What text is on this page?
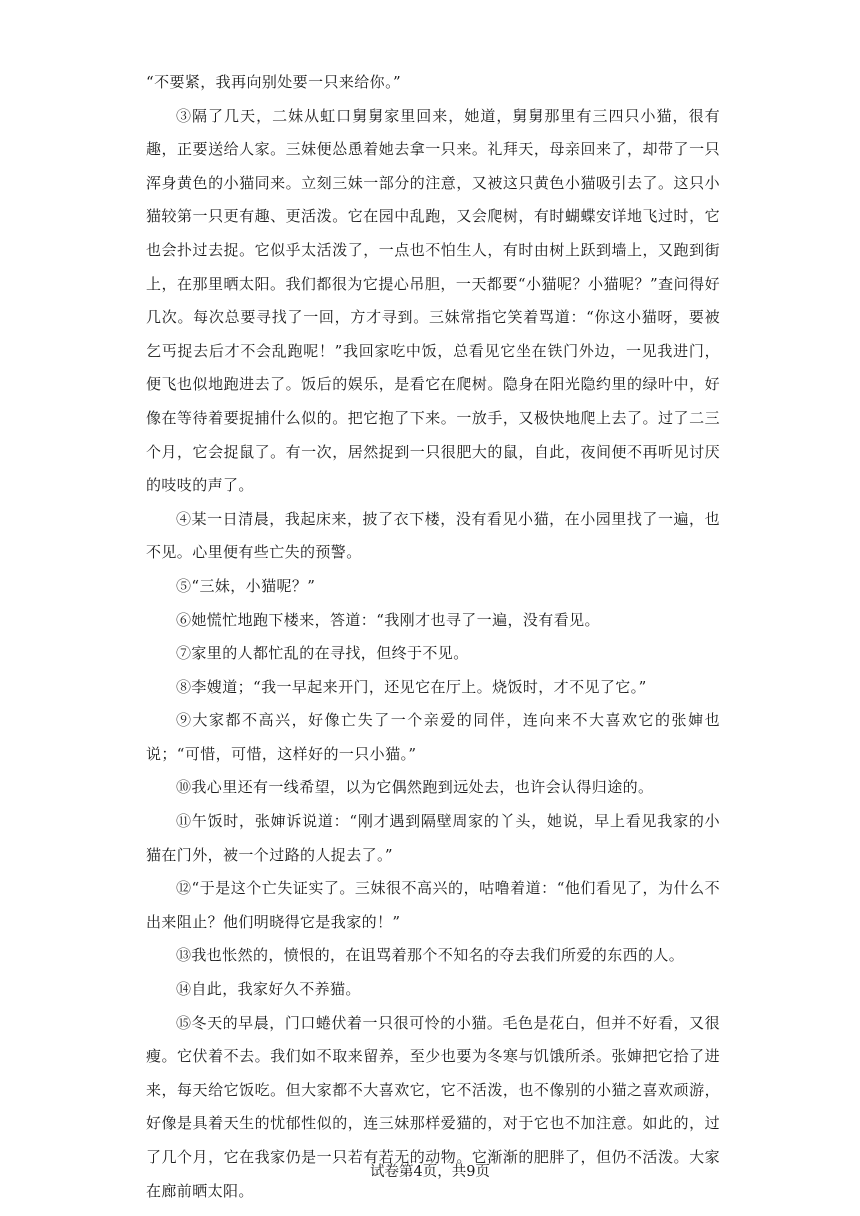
“不要紧，我再向别处要一只来给你。”

③隔了几天，二妹从虹口舅舅家里回来，她道，舅舅那里有三四只小猫，很有趣，正要送给人家。三妹便怂恿着她去拿一只来。礼拜天，母亲回来了，却带了一只浑身黄色的小猫同来。立刻三妹一部分的注意，又被这只黄色小猫吸引去了。这只小猫较第一只更有趣、更活泼。它在园中乱跑，又会爬树，有时蝴蝶安详地飞过时，它也会扑过去捉。它似乎太活泼了，一点也不怕生人，有时由树上跃到墙上，又跑到街上，在那里晒太阳。我们都很为它提心吊胆，一天都要“小猫呢？小猫呢？”查问得好几次。每次总要寻找了一回，方才寻到。三妹常指它笑着骂道：“你这小猫呀，要被乞丐捉去后才不会乱跑呢！”我回家吃中饭，总看见它坐在铁门外边，一见我进门，便飞也似地跑进去了。饭后的娱乐，是看它在爬树。隐身在阳光隐约里的绿叶中，好像在等待着要捉捕什么似的。把它抱了下来。一放手，又极快地爬上去了。过了二三个月，它会捉鼠了。有一次，居然捉到一只很肥大的鼠，自此，夜间便不再听见讨厌的吱吱的声了。

④某一日清晨，我起床来，披了衣下楼，没有看见小猫，在小园里找了一遍，也不见。心里便有些亡失的预警。

⑤“三妹，小猫呢？”

⑥她慌忙地跑下楼来，答道：“我刚才也寻了一遍，没有看见。

⑦家里的人都忙乱的在寻找，但终于不见。

⑧李嫂道；“我一早起来开门，还见它在厅上。烧饭时，才不见了它。”

⑨大家都不高兴，好像亡失了一个亲爱的同伴，连向来不大喜欢它的张婶也说；“可惜，可惜，这样好的一只小猫。”

⑩我心里还有一线希望，以为它偶然跑到远处去，也许会认得归途的。

⑪午饭时，张婶诉说道：“刚才遇到隔壁周家的丫头，她说，早上看见我家的小猫在门外，被一个过路的人捉去了。”

⑫“于是这个亡失证实了。三妹很不高兴的，咕噜着道：“他们看见了，为什么不出来阻止？他们明晓得它是我家的！”

⑬我也怅然的，愤恨的，在诅骂着那个不知名的夺去我们所爱的东西的人。

⑭自此，我家好久不养猫。

⑮冬天的早晨，门口蜷伏着一只很可怜的小猫。毛色是花白，但并不好看，又很瘦。它伏着不去。我们如不取来留养，至少也要为冬寒与饥饿所杀。张婶把它拾了进来，每天给它饭吃。但大家都不大喜欢它，它不活泼，也不像别的小猫之喜欢顽游，好像是具着天生的忧郁性似的，连三妹那样爱猫的，对于它也不加注意。如此的，过了几个月，它在我家仍是一只若有若无的动物。它渐渐的肥胖了，但仍不活泼。大家在廊前晒太阳。

试卷第4页，共9页
